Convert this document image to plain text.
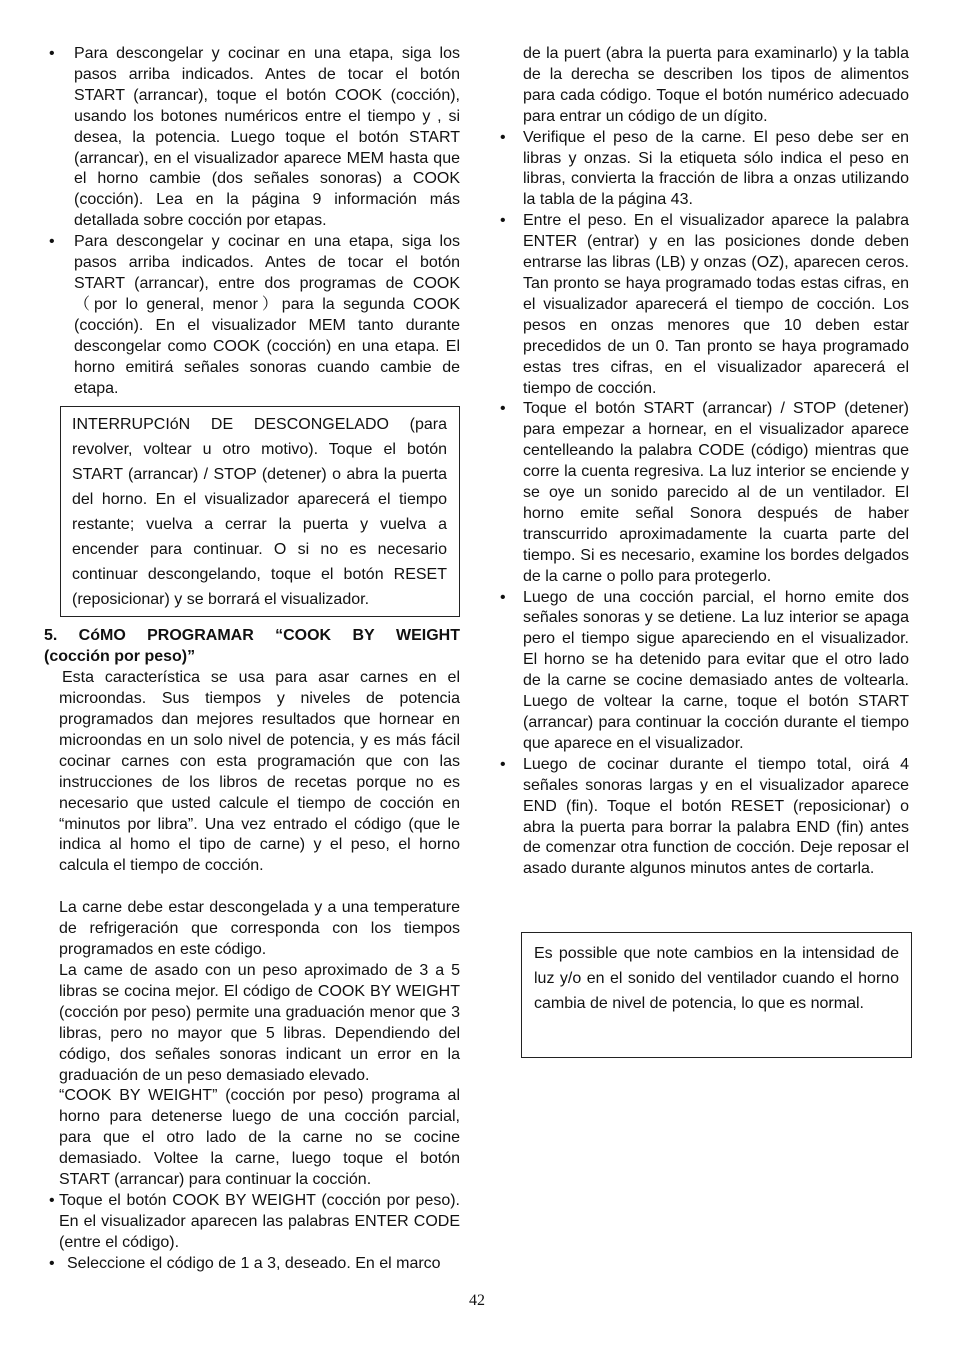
• Para descongelar y cocinar en una etapa, siga los pasos arriba indicados. Antes de tocar el botón START (arrancar), toque el botón COOK (cocción), usando los botones numéricos entre el tiempo y , si desea, la potencia. Luego toque el botón START (arrancar), en el visualizador aparece MEM hasta que el horno cambie (dos señales sonoras) a COOK (cocción). Lea en la página 9 información más detallada sobre cocción por etapas.

• Para descongelar y cocinar en una etapa, siga los pasos arriba indicados. Antes de tocar el botón START (arrancar), entre dos programas de COOK （por lo general, menor）para la segunda COOK (cocción). En el visualizador MEM tanto durante descongelar como COOK (cocción) en una etapa. El horno emitirá señales sonoras cuando cambie de etapa.

INTERRUPCIóN DE DESCONGELADO (para revolver, voltear u otro motivo). Toque el botón START (arrancar) / STOP (detener) o abra la puerta del horno. En el visualizador aparecerá el tiempo restante; vuelva a cerrar la puerta y vuelva a encender para continuar. O si no es necesario continuar descongelando, toque el botón RESET (reposicionar) y se borrará el visualizador.
5. CóMO PROGRAMAR “COOK BY WEIGHT
(cocción por peso)”

Esta característica se usa para asar carnes en el microondas. Sus tiempos y niveles de potencia programados dan mejores resultados que hornear en microondas en un solo nivel de potencia, y es más fácil cocinar carnes con esta programación que con las instrucciones de los libros de recetas porque no es necesario que usted calcule el tiempo de cocción en “minutos por libra”. Una vez entrado el código (que le indica al homo el tipo de carne) y el peso, el horno calcula el tiempo de cocción.

La carne debe estar descongelada y a una temperature de refrigeración que corresponda con los tiempos programados en este código.

La came de asado con un peso aproximado de 3 a 5 libras se cocina mejor. El código de COOK BY WEIGHT (cocción por peso) permite una graduación menor que 3 libras, pero no mayor que 5 libras. Dependiendo del código, dos señales sonoras indicant un error en la graduación de un peso demasiado elevado.

“COOK BY WEIGHT” (cocción por peso) programa al horno para detenerse luego de una cocción parcial, para que el otro lado de la carne no se cocine demasiado. Voltee la carne, luego toque el botón START (arrancar) para continuar la cocción.

• Toque el botón COOK BY WEIGHT (cocción por peso). En el visualizador aparecen las palabras ENTER CODE (entre el código).

• Seleccione el código de 1 a 3, deseado. En el marco

de la puert (abra la puerta para examinarlo) y la tabla de la derecha se describen los tipos de alimentos para cada código. Toque el botón numérico adecuado para entrar un código de un dígito.

• Verifique el peso de la carne. El peso debe ser en libras y onzas. Si la etiqueta sólo indica el peso en libras, convierta la fracción de libra a onzas utilizando la tabla de la página 43.

• Entre el peso. En el visualizador aparece la palabra ENTER (entrar) y en las posiciones donde deben entrarse las libras (LB) y onzas (OZ), aparecen ceros. Tan pronto se haya programado todas estas cifras, en el visualizador aparecerá el tiempo de cocción. Los pesos en onzas menores que 10 deben estar precedidos de un 0. Tan pronto se haya programado estas tres cifras, en el visualizador aparecerá el tiempo de cocción.

• Toque el botón START (arrancar) / STOP (detener) para empezar a hornear, en el visualizador aparece centelleando la palabra CODE (código) mientras que corre la cuenta regresiva. La luz interior se enciende y se oye un sonido parecido al de un ventilador. El horno emite señal Sonora después de haber transcurrido aproximadamente la cuarta parte del tiempo. Si es necesario, examine los bordes delgados de la carne o pollo para protegerlo.

• Luego de una cocción parcial, el horno emite dos señales sonoras y se detiene. La luz interior se apaga pero el tiempo sigue apareciendo en el visualizador. El horno se ha detenido para evitar que el otro lado de la carne se cocine demasiado antes de voltearla. Luego de voltear la carne, toque el botón START (arrancar) para continuar la cocción durante el tiempo que aparece en el visualizador.

• Luego de cocinar durante el tiempo total, oirá 4 señales sonoras largas y en el visualizador aparece END (fin). Toque el botón RESET (reposicionar) o abra la puerta para borrar la palabra END (fin) antes de comenzar otra function de cocción. Deje reposar el asado durante algunos minutos antes de cortarla.

Es possible que note cambios en la intensidad de luz y/o en el sonido del ventilador cuando el horno cambia de nivel de potencia, lo que es normal.
42
